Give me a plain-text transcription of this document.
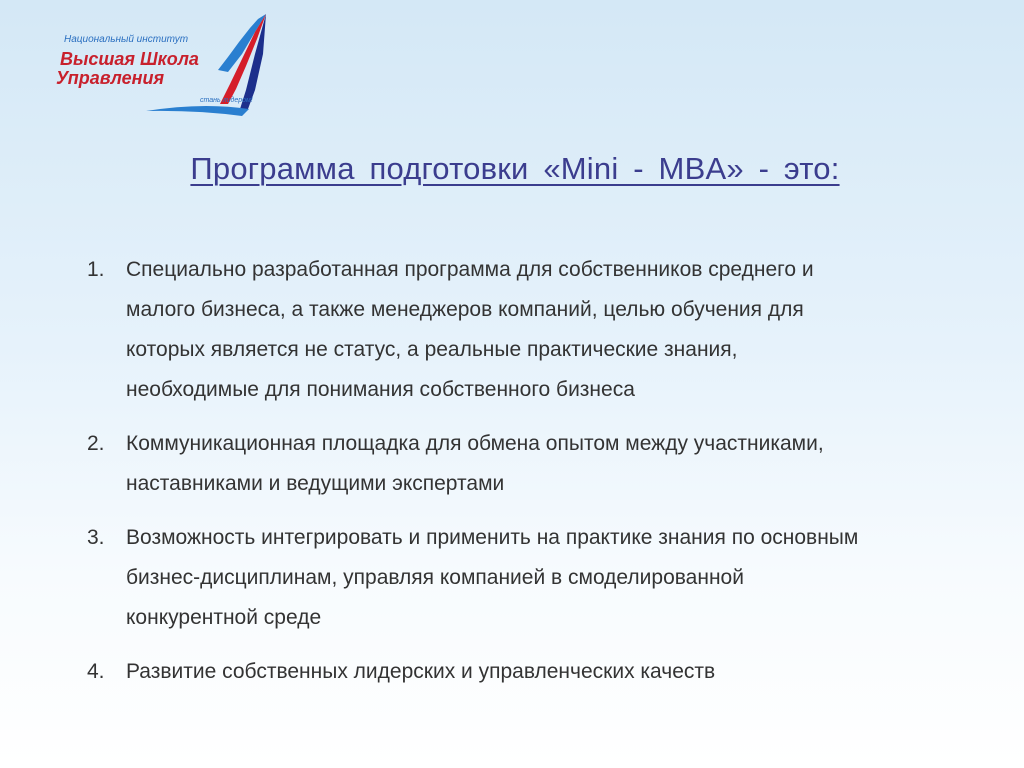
Национальный институт
Высшая Школа
Управления
стань лидером!
Программа подготовки «Mini - MBA» - это:
1.	Специально разработанная программа для собственников среднего и
малого бизнеса, а также менеджеров компаний, целью обучения для
которых является не статус, а реальные практические знания,
необходимые для понимания собственного бизнеса
2.	Коммуникационная площадка для обмена опытом между участниками,
наставниками и ведущими экспертами
3.	Возможность интегрировать и применить на практике знания по основным
бизнес-дисциплинам, управляя компанией в смоделированной
конкурентной среде
4.	Развитие собственных лидерских и управленческих качеств
